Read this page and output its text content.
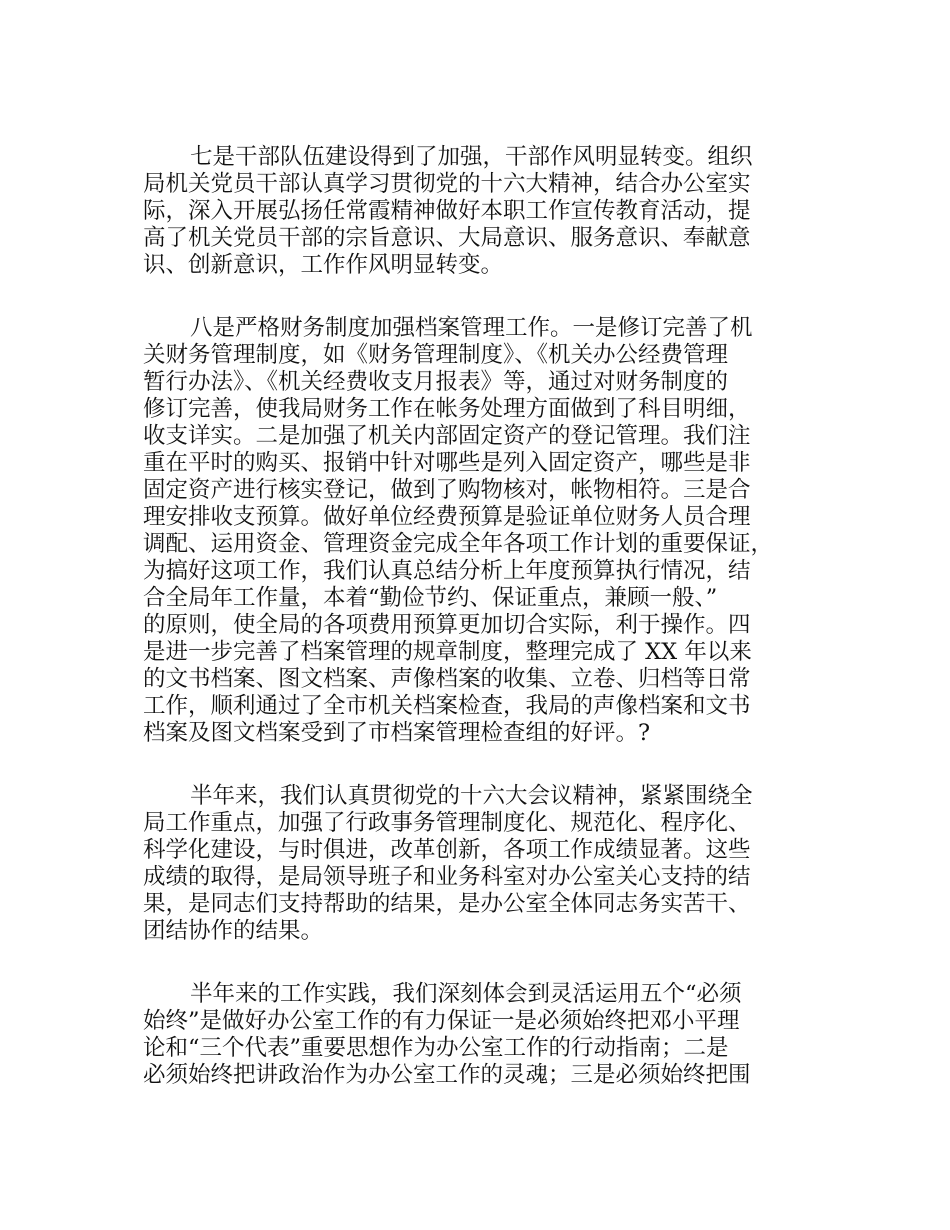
七是干部队伍建设得到了加强，干部作风明显转变。组织

局机关党员干部认真学习贯彻党的十六大精神，结合办公室实

际，深入开展弘扬任常霞精神做好本职工作宣传教育活动，提

高了机关党员干部的宗旨意识、大局意识、服务意识、奉献意

识、创新意识，工作作风明显转变。

八是严格财务制度加强档案管理工作。一是修订完善了机

关财务管理制度，如《财务管理制度》、《机关办公经费管理

暂行办法》、《机关经费收支月报表》等，通过对财务制度的

修订完善，使我局财务工作在帐务处理方面做到了科目明细，

收支详实。二是加强了机关内部固定资产的登记管理。我们注

重在平时的购买、报销中针对哪些是列入固定资产，哪些是非

固定资产进行核实登记，做到了购物核对，帐物相符。三是合

理安排收支预算。做好单位经费预算是验证单位财务人员合理

调配、运用资金、管理资金完成全年各项工作计划的重要保证，

为搞好这项工作，我们认真总结分析上年度预算执行情况，结

合全局年工作量，本着“勤俭节约、保证重点，兼顾一般、”

的原则，使全局的各项费用预算更加切合实际，利于操作。四

是进一步完善了档案管理的规章制度，整理完成了 XX 年以来

的文书档案、图文档案、声像档案的收集、立卷、归档等日常

工作，顺利通过了全市机关档案检查，我局的声像档案和文书

档案及图文档案受到了市档案管理检查组的好评。?

半年来，我们认真贯彻党的十六大会议精神，紧紧围绕全

局工作重点，加强了行政事务管理制度化、规范化、程序化、

科学化建设，与时俱进，改革创新，各项工作成绩显著。这些

成绩的取得，是局领导班子和业务科室对办公室关心支持的结

果，是同志们支持帮助的结果，是办公室全体同志务实苦干、

团结协作的结果。

半年来的工作实践，我们深刻体会到灵活运用五个“必须

始终”是做好办公室工作的有力保证一是必须始终把邓小平理

论和“三个代表”重要思想作为办公室工作的行动指南；二是

必须始终把讲政治作为办公室工作的灵魂；三是必须始终把围
